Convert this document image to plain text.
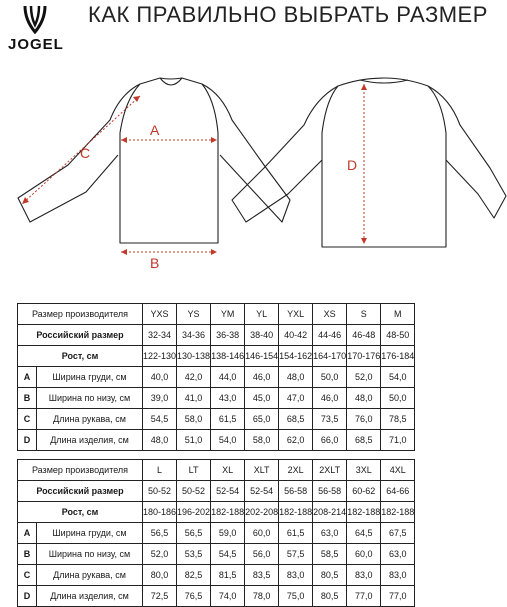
JOGEL
КАК ПРАВИЛЬНО ВЫБРАТЬ РАЗМЕР
A
B
C
D
Размер производителя		YXS	YS	YM	YL	YXL	XS	S	M
Российский размер		32-34	34-36	36-38	38-40	40-42	44-46	46-48	48-50
Рост, см		122-130	130-138	138-146	146-154	154-162	164-170	170-176	176-184
A	Ширина груди, см	40,0	42,0	44,0	46,0	48,0	50,0	52,0	54,0
B	Ширина по низу, см	39,0	41,0	43,0	45,0	47,0	46,0	48,0	50,0
C	Длина рукава, см	54,5	58,0	61,5	65,0	68,5	73,5	76,0	78,5
D	Длина изделия, см	48,0	51,0	54,0	58,0	62,0	66,0	68,5	71,0
Размер производителя		L	LT	XL	XLT	2XL	2XLT	3XL	4XL
Российский размер		50-52	50-52	52-54	52-54	56-58	56-58	60-62	64-66
Рост, см		180-186	196-202	182-188	202-208	182-188	208-214	182-188	182-188
A	Ширина груди, см	56,5	56,5	59,0	60,0	61,5	63,0	64,5	67,5
B	Ширина по низу, см	52,0	53,5	54,5	56,0	57,5	58,5	60,0	63,0
C	Длина рукава, см	80,0	82,5	81,5	83,5	83,0	80,5	83,0	83,0
D	Длина изделия, см	72,5	76,5	74,0	78,0	75,0	80,5	77,0	77,0
